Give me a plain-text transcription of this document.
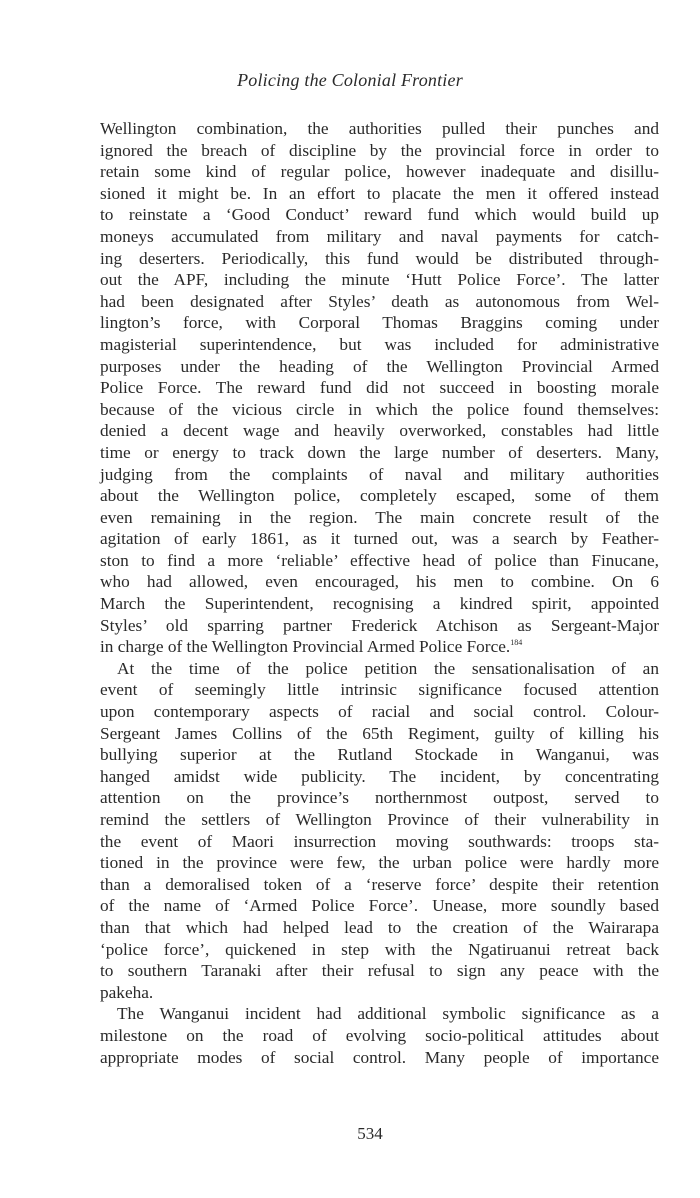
Policing the Colonial Frontier
Wellington combination, the authorities pulled their punches and
ignored the breach of discipline by the provincial force in order to
retain some kind of regular police, however inadequate and disillu-
sioned it might be. In an effort to placate the men it offered instead
to reinstate a ‘Good Conduct’ reward fund which would build up
moneys accumulated from military and naval payments for catch-
ing deserters. Periodically, this fund would be distributed through-
out the APF, including the minute ‘Hutt Police Force’. The latter
had been designated after Styles’ death as autonomous from Wel-
lington’s force, with Corporal Thomas Braggins coming under
magisterial superintendence, but was included for administrative
purposes under the heading of the Wellington Provincial Armed
Police Force. The reward fund did not succeed in boosting morale
because of the vicious circle in which the police found themselves:
denied a decent wage and heavily overworked, constables had little
time or energy to track down the large number of deserters. Many,
judging from the complaints of naval and military authorities
about the Wellington police, completely escaped, some of them
even remaining in the region. The main concrete result of the
agitation of early 1861, as it turned out, was a search by Feather-
ston to find a more ‘reliable’ effective head of police than Finucane,
who had allowed, even encouraged, his men to combine. On 6
March the Superintendent, recognising a kindred spirit, appointed
Styles’ old sparring partner Frederick Atchison as Sergeant-Major
in charge of the Wellington Provincial Armed Police Force.$^{184}$
At the time of the police petition the sensationalisation of an
event of seemingly little intrinsic significance focused attention
upon contemporary aspects of racial and social control. Colour-
Sergeant James Collins of the 65th Regiment, guilty of killing his
bullying superior at the Rutland Stockade in Wanganui, was
hanged amidst wide publicity. The incident, by concentrating
attention on the province’s northernmost outpost, served to
remind the settlers of Wellington Province of their vulnerability in
the event of Maori insurrection moving southwards: troops sta-
tioned in the province were few, the urban police were hardly more
than a demoralised token of a ‘reserve force’ despite their retention
of the name of ‘Armed Police Force’. Unease, more soundly based
than that which had helped lead to the creation of the Wairarapa
‘police force’, quickened in step with the Ngatiruanui retreat back
to southern Taranaki after their refusal to sign any peace with the
pakeha.
The Wanganui incident had additional symbolic significance as a
milestone on the road of evolving socio-political attitudes about
appropriate modes of social control. Many people of importance
534
